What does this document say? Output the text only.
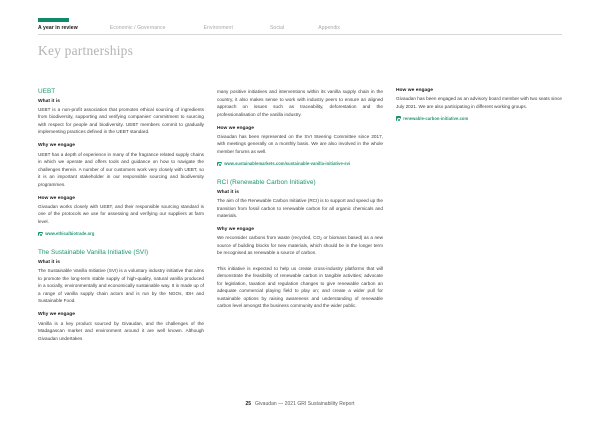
A year in review	Economic / Governance	Environment	Social	Appendix
Key partnerships
UEBT
What it is

UEBT is a non-profit association that promotes ethical sourcing of ingredients from biodiversity, supporting and verifying companies' commitment to sourcing with respect for people and biodiversity. UEBT members commit to gradually implementing practices defined in the UEBT standard.

Why we engage

UEBT has a depth of experience in many of the fragrance related supply chains in which we operate and offers tools and guidance on how to navigate the challenges therein. A number of our customers work very closely with UEBT, so it is an important stakeholder in our responsible sourcing and biodiversity programmes.

How we engage

Givaudan works closely with UEBT, and their responsible sourcing standard is one of the protocols we use for assessing and verifying our suppliers at farm level.

www.ethicalbiotrade.org
The Sustainable Vanilla Initiative (SVI)
What it is

The Sustainable Vanilla Initiative (SVI) is a voluntary industry initiative that aims to promote the long-term stable supply of high-quality, natural vanilla produced in a socially, environmentally and economically sustainable way. It is made up of a range of vanilla supply chain actors and is run by the NGOs, IDH and Sustainable Food.

Why we engage

Vanilla is a key product sourced by Givaudan, and the challenges of the Madagascan market and environment around it are well known. Although Givaudan undertakes

many positive initiatives and interventions within its vanilla supply chain in the country, it also makes sense to work with industry peers to ensure an aligned approach on issues such as traceability, deforestation and the professionalisation of the vanilla industry.

How we engage

Givaudan has been represented on the SVI Steering Committee since 2017, with meetings generally on a monthly basis. We are also involved in the whole member forums as well.

www.sustainablemarkets.com/sustainable-vanilla-initiative-svi
RCI (Renewable Carbon Initiative)
What it is

The aim of the Renewable Carbon Initiative (RCI) is to support and speed up the transition from fossil carbon to renewable carbon for all organic chemicals and materials.

Why we engage

We reconsider carbons from waste (recycled, $CO_2$ or biomass based) as a new source of building blocks for new materials, which should be in the longer term be recognised as renewable a source of carbon.

This initiative is expected to help us create cross-industry platforms that will demonstrate the feasibility of renewable carbon in tangible activities; advocate for legislation, taxation and regulation changes to give renewable carbon an adequate commercial playing field to play on; and create a wider pull for sustainable options by raising awareness and understanding of renewable carbon level amongst the business community and the wider public.

How we engage

Givaudan has been engaged as an advisory board member with two seats since July 2021. We are also participating in different working groups.

renewable-carbon-initiative.com
25 Givaudan — 2021 GRI Sustainability Report
